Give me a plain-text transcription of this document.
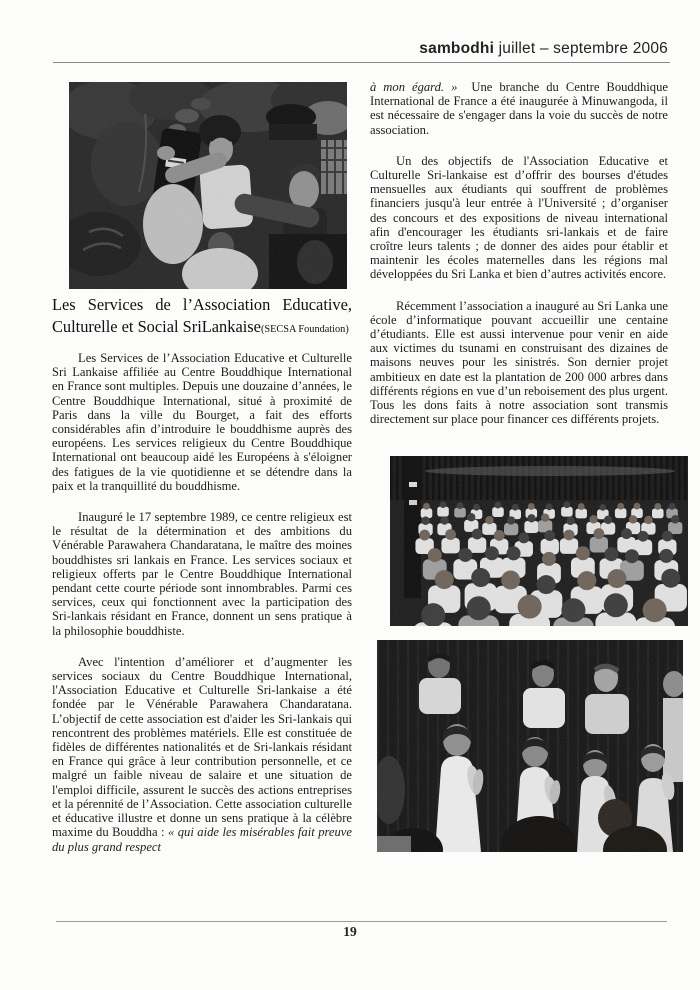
sambodhi juillet – septembre 2006
Les Services de l’Association Educative,
Culturelle et Social SriLankaise(SECSA Foundation)

Les Services de l’Association Educative et Culturelle Sri Lankaise affiliée au Centre Bouddhique International en France sont multiples. Depuis une douzaine d’années, le Centre Bouddhique International, situé à proximité de Paris dans la ville du Bourget, a fait des efforts considérables afin d’introduire le bouddhisme auprès des européens. Les services religieux du Centre Bouddhique International ont beaucoup aidé les Européens à s'éloigner des fatigues de la vie quotidienne et se détendre dans la paix et la tranquillité du bouddhisme.

Inauguré le 17 septembre 1989, ce centre religieux est le résultat de la détermination et des ambitions du Vénérable Parawahera Chandaratana, le maître des moines bouddhistes sri lankais en France. Les services sociaux et religieux offerts par le Centre Bouddhique International pendant cette courte période sont innombrables. Parmi ces services, ceux qui fonctionnent avec la participation des Sri-lankais résidant en France, donnent un sens pratique à la philosophie bouddhiste.

Avec l'intention d’améliorer et d’augmenter les services sociaux du Centre Bouddhique International, l'Association Educative et Culturelle Sri-lankaise a été fondée par le Vénérable Parawahera Chandaratana. L’objectif de cette association est d'aider les Sri-lankais qui rencontrent des problèmes matériels. Elle est constituée de fidèles de différentes nationalités et de Sri-lankais résidant en France qui grâce à leur contribution personnelle, et ce malgré un faible niveau de salaire et une situation de l'emploi difficile, assurent le succès des actions entreprises et la pérennité de l’Association. Cette association culturelle et éducative illustre et donne un sens pratique à la célèbre maxime du Bouddha : « qui aide les misérables fait preuve du plus grand respect

à mon égard. » Une branche du Centre Bouddhique International de France a été inaugurée à Minuwangoda, il est nécessaire de s'engager dans la voie du succès de notre association.

Un des objectifs de l'Association Educative et Culturelle Sri-lankaise est d’offrir des bourses d'études mensuelles aux étudiants qui souffrent de problèmes financiers jusqu'à leur entrée à l'Université ; d’organiser des concours et des expositions de niveau international afin d'encourager les étudiants sri-lankais et de faire croître leurs talents ; de donner des aides pour établir et maintenir les écoles maternelles dans les régions mal développées du Sri Lanka et bien d’autres activités encore.

Récemment l’association a inauguré au Sri Lanka une école d’informatique pouvant accueillir une centaine d’étudiants. Elle est aussi intervenue pour venir en aide aux victimes du tsunami en construisant des dizaines de maisons neuves pour les sinistrés. Son dernier projet ambitieux en date est la plantation de 200 000 arbres dans différents régions en vue d’un reboisement des plus urgent. Tous les dons faits à notre association sont transmis directement sur place pour financer ces différents projets.

19
